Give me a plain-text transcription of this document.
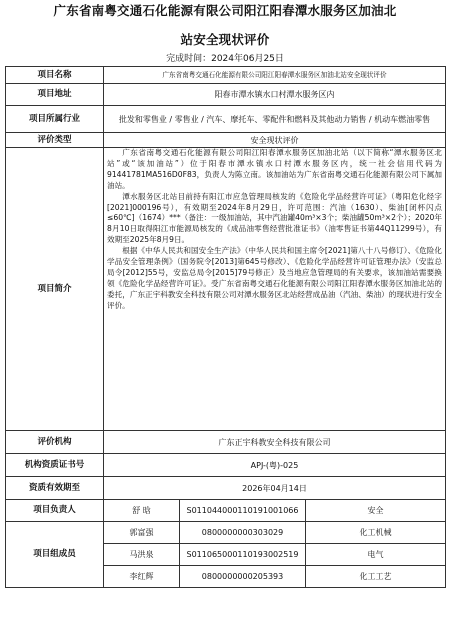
广东省南粤交通石化能源有限公司阳江阳春潭水服务区加油北
站安全现状评价
完成时间：2024年06月25日
项目名称	广东省南粤交通石化能源有限公司阳江阳春潭水服务区加油北站安全现状评价		
项目地址	阳春市潭水镇水口村潭水服务区内		
项目所属行业	批发和零售业 / 零售业 / 汽车、摩托车、零配件和燃料及其他动力销售 / 机动车燃油零售		
评价类型	安全现状评价		
项目简介	广东省南粤交通石化能源有限公司阳江阳春潭水服务区加油北站（以下简称“潭水服务区北站”或“该加油站”）位于阳春市潭水镇水口村潭水服务区内，统一社会信用代码为91441781MA516D0F83，负责人为陈立南。该加油站为广东省南粤交通石化能源有限公司下属加油站。

潭水服务区北站目前持有阳江市应急管理局核发的《危险化学品经营许可证》（粤阳危化经字[2021]000196号），有效期至2024年8月29日，许可范围：汽油（1630）、柴油[闭杯闪点≤60℃]（1674）***（备注：一级加油站，其中汽油罐40m³×3个；柴油罐50m³×2个）；2020年8月10日取得阳江市能源局核发的《成品油零售经营批准证书》（油零售证书第44Q11299号），有效期至2025年8月9日。

根据《中华人民共和国安全生产法》（中华人民共和国主席令[2021]第八十八号修订）、《危险化学品安全管理条例》（国务院令[2013]第645号修改）、《危险化学品经营许可证管理办法》（安监总局令[2012]55号，安监总局令[2015]79号修正）及当地应急管理局的有关要求，该加油站需要换领《危险化学品经营许可证》。受广东省南粤交通石化能源有限公司阳江阳春潭水服务区加油北站的委托，广东正宇科教安全科技有限公司对潭水服务区北站经营成品油（汽油、柴油）的现状进行安全评价。		

评价机构	广东正宇科教安全科技有限公司		
机构资质证书号	APJ-(粤)-025		
资质有效期至	2026年04月14日		
项目负责人	舒 晗	S011044000110191001066	安全
项目组成员	郭富强	0800000000303029	化工机械
	马洪泉	S011065000110193002519	电气
	李红辉	0800000000205393	化工工艺
